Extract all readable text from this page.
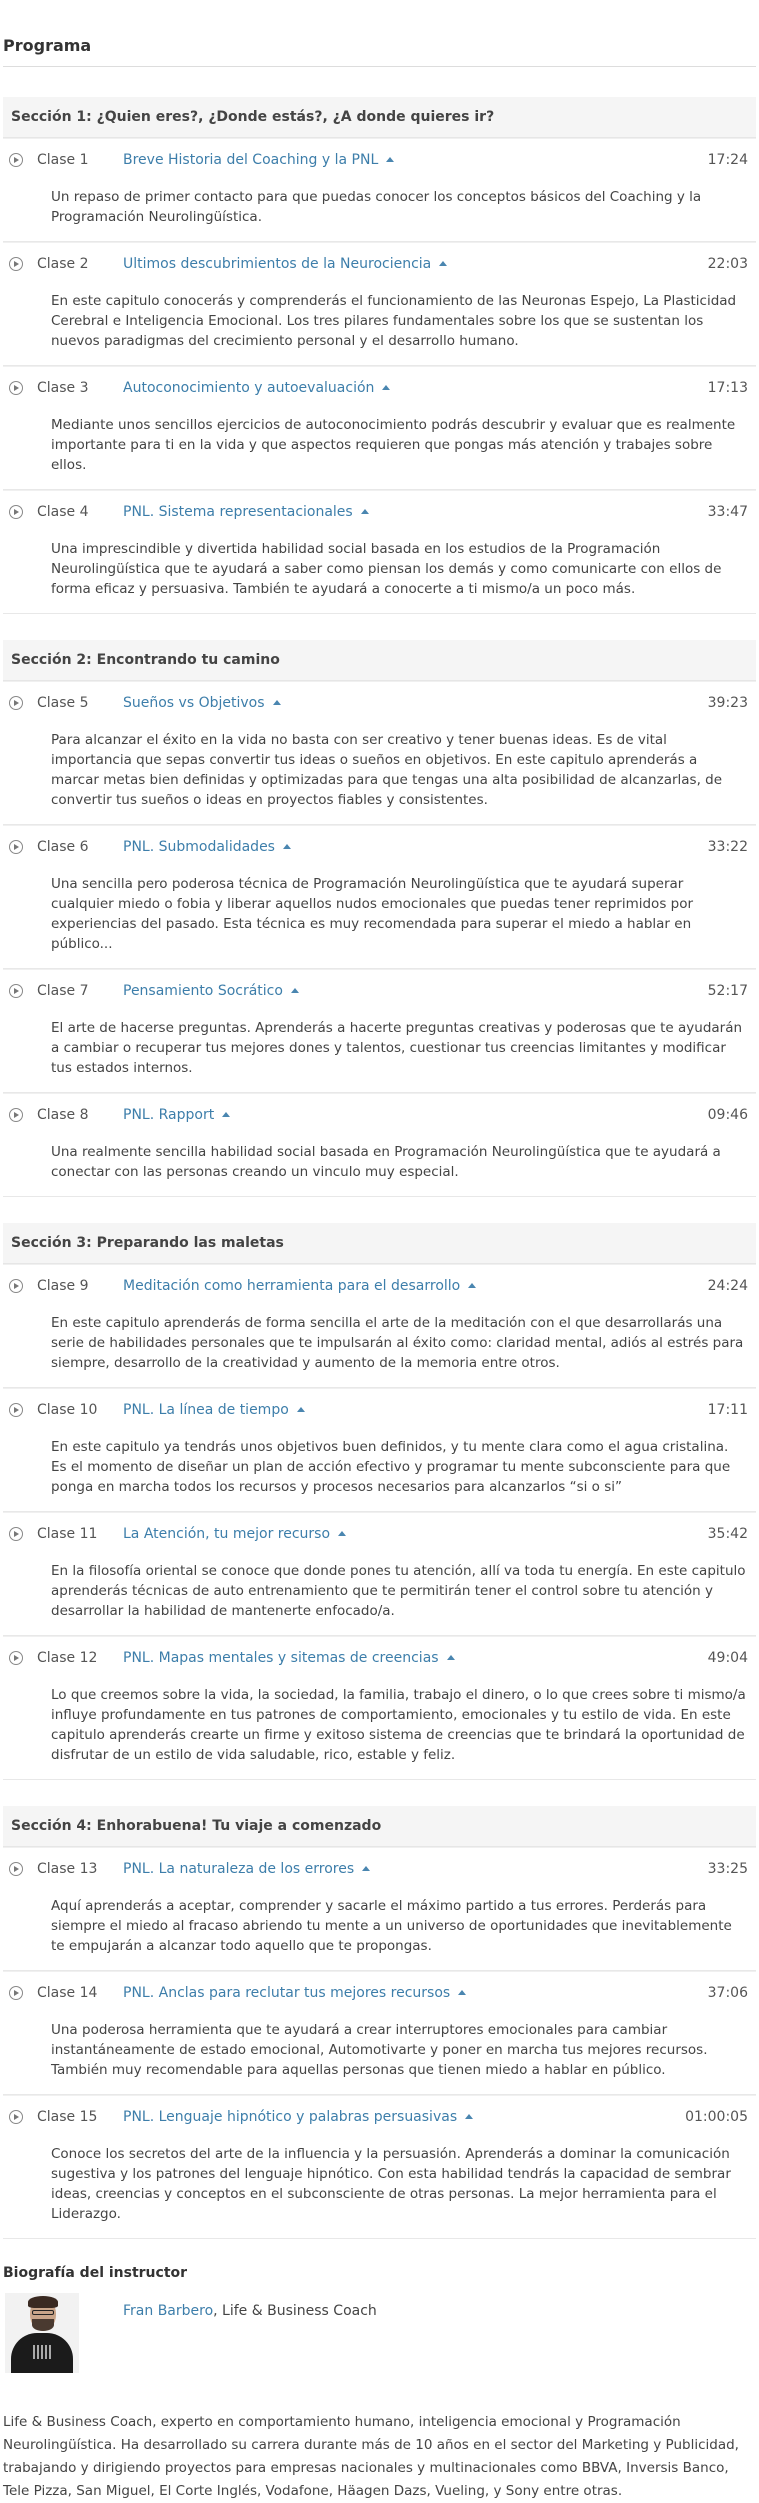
Programa
Sección 1: ¿Quien eres?, ¿Donde estás?, ¿A donde quieres ir?
Clase 1	Breve Historia del Coaching y la PNL	17:24
Un repaso de primer contacto para que puedas conocer los conceptos básicos del Coaching y la Programación Neurolingüística.
Clase 2	Ultimos descubrimientos de la Neurociencia	22:03
En este capitulo conocerás y comprenderás el funcionamiento de las Neuronas Espejo, La Plasticidad Cerebral e Inteligencia Emocional. Los tres pilares fundamentales sobre los que se sustentan los nuevos paradigmas del crecimiento personal y el desarrollo humano.
Clase 3	Autoconocimiento y autoevaluación	17:13
Mediante unos sencillos ejercicios de autoconocimiento podrás descubrir y evaluar que es realmente importante para ti en la vida y que aspectos requieren que pongas más atención y trabajes sobre ellos.
Clase 4	PNL. Sistema representacionales	33:47
Una imprescindible y divertida habilidad social basada en los estudios de la Programación Neurolingüística que te ayudará a saber como piensan los demás y como comunicarte con ellos de forma eficaz y persuasiva. También te ayudará a conocerte a ti mismo/a un poco más.
Sección 2: Encontrando tu camino
Clase 5	Sueños vs Objetivos	39:23
Para alcanzar el éxito en la vida no basta con ser creativo y tener buenas ideas. Es de vital importancia que sepas convertir tus ideas o sueños en objetivos. En este capitulo aprenderás a marcar metas bien definidas y optimizadas para que tengas una alta posibilidad de alcanzarlas, de convertir tus sueños o ideas en proyectos fiables y consistentes.
Clase 6	PNL. Submodalidades	33:22
Una sencilla pero poderosa técnica de Programación Neurolingüística que te ayudará superar cualquier miedo o fobia y liberar aquellos nudos emocionales que puedas tener reprimidos por experiencias del pasado. Esta técnica es muy recomendada para superar el miedo a hablar en público...
Clase 7	Pensamiento Socrático	52:17
El arte de hacerse preguntas. Aprenderás a hacerte preguntas creativas y poderosas que te ayudarán a cambiar o recuperar tus mejores dones y talentos, cuestionar tus creencias limitantes y modificar tus estados internos.
Clase 8	PNL. Rapport	09:46
Una realmente sencilla habilidad social basada en Programación Neurolingüística que te ayudará a conectar con las personas creando un vinculo muy especial.
Sección 3: Preparando las maletas
Clase 9	Meditación como herramienta para el desarrollo	24:24
En este capitulo aprenderás de forma sencilla el arte de la meditación con el que desarrollarás una serie de habilidades personales que te impulsarán al éxito como: claridad mental, adiós al estrés para siempre, desarrollo de la creatividad y aumento de la memoria entre otros.
Clase 10	PNL. La línea de tiempo	17:11
En este capitulo ya tendrás unos objetivos buen definidos, y tu mente clara como el agua cristalina. Es el momento de diseñar un plan de acción efectivo y programar tu mente subconsciente para que ponga en marcha todos los recursos y procesos necesarios para alcanzarlos “si o si”
Clase 11	La Atención, tu mejor recurso	35:42
En la filosofía oriental se conoce que donde pones tu atención, allí va toda tu energía. En este capitulo aprenderás técnicas de auto entrenamiento que te permitirán tener el control sobre tu atención y desarrollar la habilidad de mantenerte enfocado/a.
Clase 12	PNL. Mapas mentales y sitemas de creencias	49:04
Lo que creemos sobre la vida, la sociedad, la familia, trabajo el dinero, o lo que crees sobre ti mismo/a influye profundamente en tus patrones de comportamiento, emocionales y tu estilo de vida. En este capitulo aprenderás crearte un firme y exitoso sistema de creencias que te brindará la oportunidad de disfrutar de un estilo de vida saludable, rico, estable y feliz.
Sección 4: Enhorabuena! Tu viaje a comenzado
Clase 13	PNL. La naturaleza de los errores	33:25
Aquí aprenderás a aceptar, comprender y sacarle el máximo partido a tus errores. Perderás para siempre el miedo al fracaso abriendo tu mente a un universo de oportunidades que inevitablemente te empujarán a alcanzar todo aquello que te propongas.
Clase 14	PNL. Anclas para reclutar tus mejores recursos	37:06
Una poderosa herramienta que te ayudará a crear interruptores emocionales para cambiar instantáneamente de estado emocional, Automotivarte y poner en marcha tus mejores recursos. También muy recomendable para aquellas personas que tienen miedo a hablar en público.
Clase 15	PNL. Lenguaje hipnótico y palabras persuasivas	01:00:05
Conoce los secretos del arte de la influencia y la persuasión. Aprenderás a dominar la comunicación sugestiva y los patrones del lenguaje hipnótico. Con esta habilidad tendrás la capacidad de sembrar ideas, creencias y conceptos en el subconsciente de otras personas. La mejor herramienta para el Liderazgo.
Biografía del instructor
Fran Barbero, Life & Business Coach
Life & Business Coach, experto en comportamiento humano, inteligencia emocional y Programación Neurolingüística. Ha desarrollado su carrera durante más de 10 años en el sector del Marketing y Publicidad, trabajando y dirigiendo proyectos para empresas nacionales y multinacionales como BBVA, Inversis Banco, Tele Pizza, San Miguel, El Corte Inglés, Vodafone, Häagen Dazs, Vueling, y Sony entre otras.
